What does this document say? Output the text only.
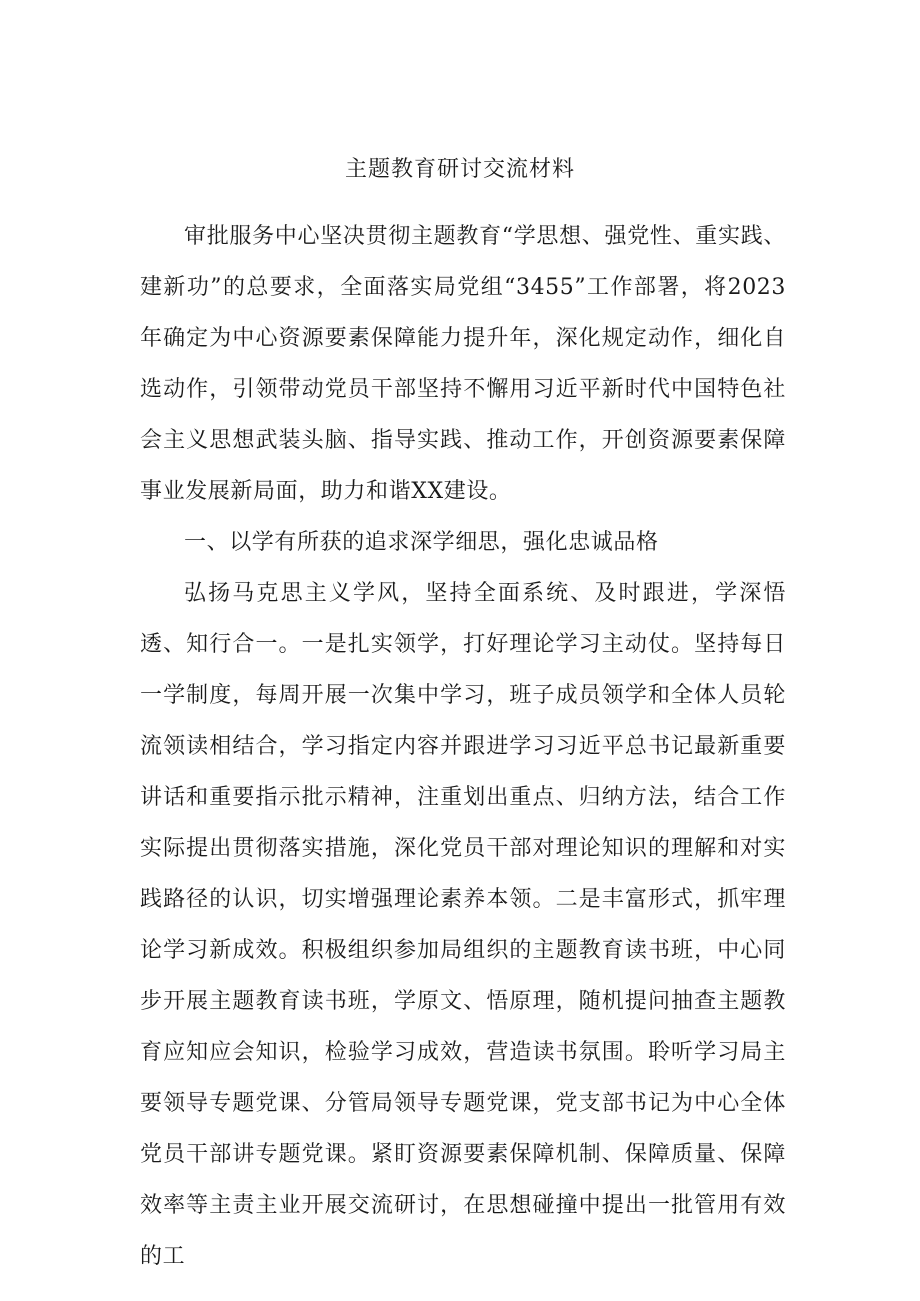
主题教育研讨交流材料

审批服务中心坚决贯彻主题教育“学思想、强党性、重实践、建新功”的总要求，全面落实局党组“3455”工作部署，将2023年确定为中心资源要素保障能力提升年，深化规定动作，细化自选动作，引领带动党员干部坚持不懈用习近平新时代中国特色社会主义思想武装头脑、指导实践、推动工作，开创资源要素保障事业发展新局面，助力和谐XX建设。

一、以学有所获的追求深学细思，强化忠诚品格

弘扬马克思主义学风，坚持全面系统、及时跟进，学深悟透、知行合一。一是扎实领学，打好理论学习主动仗。坚持每日一学制度，每周开展一次集中学习，班子成员领学和全体人员轮流领读相结合，学习指定内容并跟进学习习近平总书记最新重要讲话和重要指示批示精神，注重划出重点、归纳方法，结合工作实际提出贯彻落实措施，深化党员干部对理论知识的理解和对实践路径的认识，切实增强理论素养本领。二是丰富形式，抓牢理论学习新成效。积极组织参加局组织的主题教育读书班，中心同步开展主题教育读书班，学原文、悟原理，随机提问抽查主题教育应知应会知识，检验学习成效，营造读书氛围。聆听学习局主要领导专题党课、分管局领导专题党课，党支部书记为中心全体党员干部讲专题党课。紧盯资源要素保障机制、保障质量、保障效率等主责主业开展交流研讨，在思想碰撞中提出一批管用有效的工
